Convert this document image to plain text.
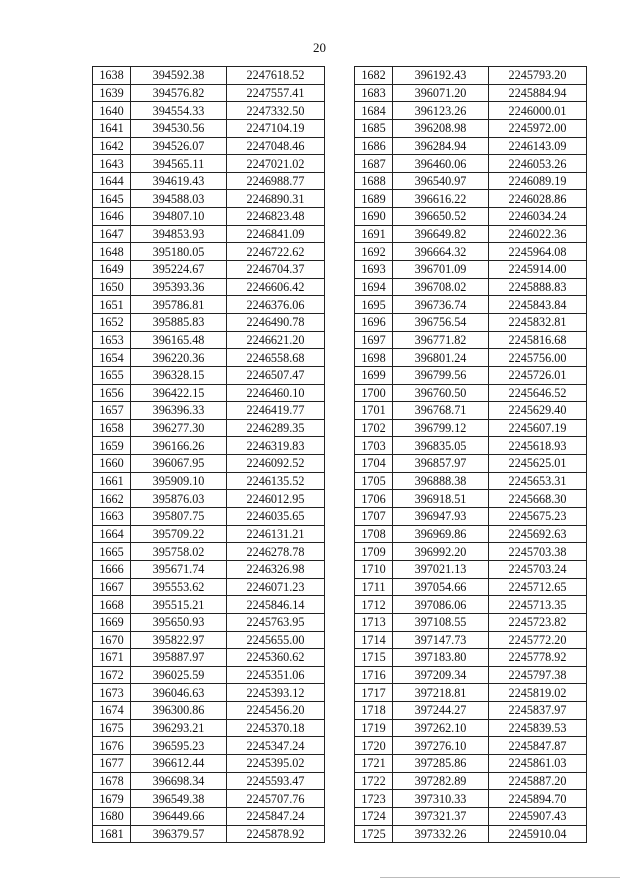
20
1638	394592.38	2247618.52
1639	394576.82	2247557.41
1640	394554.33	2247332.50
1641	394530.56	2247104.19
1642	394526.07	2247048.46
1643	394565.11	2247021.02
1644	394619.43	2246988.77
1645	394588.03	2246890.31
1646	394807.10	2246823.48
1647	394853.93	2246841.09
1648	395180.05	2246722.62
1649	395224.67	2246704.37
1650	395393.36	2246606.42
1651	395786.81	2246376.06
1652	395885.83	2246490.78
1653	396165.48	2246621.20
1654	396220.36	2246558.68
1655	396328.15	2246507.47
1656	396422.15	2246460.10
1657	396396.33	2246419.77
1658	396277.30	2246289.35
1659	396166.26	2246319.83
1660	396067.95	2246092.52
1661	395909.10	2246135.52
1662	395876.03	2246012.95
1663	395807.75	2246035.65
1664	395709.22	2246131.21
1665	395758.02	2246278.78
1666	395671.74	2246326.98
1667	395553.62	2246071.23
1668	395515.21	2245846.14
1669	395650.93	2245763.95
1670	395822.97	2245655.00
1671	395887.97	2245360.62
1672	396025.59	2245351.06
1673	396046.63	2245393.12
1674	396300.86	2245456.20
1675	396293.21	2245370.18
1676	396595.23	2245347.24
1677	396612.44	2245395.02
1678	396698.34	2245593.47
1679	396549.38	2245707.76
1680	396449.66	2245847.24
1681	396379.57	2245878.92
1682	396192.43	2245793.20
1683	396071.20	2245884.94
1684	396123.26	2246000.01
1685	396208.98	2245972.00
1686	396284.94	2246143.09
1687	396460.06	2246053.26
1688	396540.97	2246089.19
1689	396616.22	2246028.86
1690	396650.52	2246034.24
1691	396649.82	2246022.36
1692	396664.32	2245964.08
1693	396701.09	2245914.00
1694	396708.02	2245888.83
1695	396736.74	2245843.84
1696	396756.54	2245832.81
1697	396771.82	2245816.68
1698	396801.24	2245756.00
1699	396799.56	2245726.01
1700	396760.50	2245646.52
1701	396768.71	2245629.40
1702	396799.12	2245607.19
1703	396835.05	2245618.93
1704	396857.97	2245625.01
1705	396888.38	2245653.31
1706	396918.51	2245668.30
1707	396947.93	2245675.23
1708	396969.86	2245692.63
1709	396992.20	2245703.38
1710	397021.13	2245703.24
1711	397054.66	2245712.65
1712	397086.06	2245713.35
1713	397108.55	2245723.82
1714	397147.73	2245772.20
1715	397183.80	2245778.92
1716	397209.34	2245797.38
1717	397218.81	2245819.02
1718	397244.27	2245837.97
1719	397262.10	2245839.53
1720	397276.10	2245847.87
1721	397285.86	2245861.03
1722	397282.89	2245887.20
1723	397310.33	2245894.70
1724	397321.37	2245907.43
1725	397332.26	2245910.04
